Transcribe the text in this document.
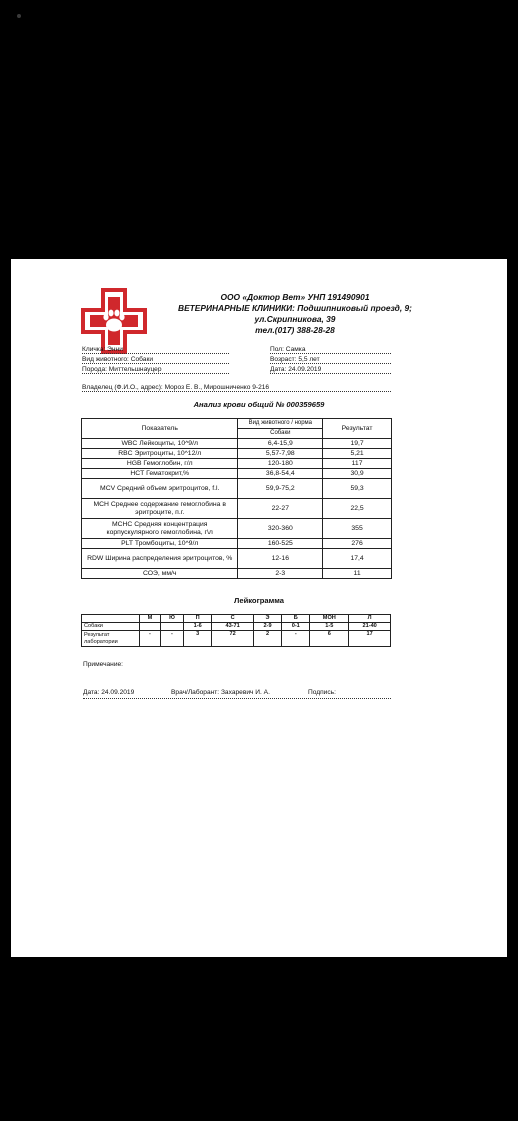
ООО «Доктор Вет» УНП 191490901
ВЕТЕРИНАРНЫЕ КЛИНИКИ: Подшипниковый проезд, 9;
ул.Скрипникова, 39
тел.(017) 388-28-28
Кличка: Энни
Вид животного: Собаки
Порода: Миттельшнауцер
Пол: Самка
Возраст: 5,5 лет
Дата: 24.09.2019
Владелец (Ф.И.О., адрес): Мороз Е. В., Мирошниченко 9-216
Анализ крови общий № 000359659
Показатель	Вид животного / норма	Результат
	Собаки	
WBC Лейкоциты, 10^9/л	6,4-15,9	19,7
RBC Эритроциты, 10^12/л	5,57-7,98	5,21
HGB Гемоглобин, г/л	120-180	117
HCT Гематокрит,%	36,8-54,4	30,9
MCV Средний объем эритроцитов, f.l.	59,9-75,2	59,3
MCH Среднее содержание гемоглобина в эритроците, п.г.	22-27	22,5
MCHC Средняя концентрация корпускулярного гемоглобина, г\л	320-360	355
PLT Тромбоциты, 10^9/л	160-525	276
RDW Ширина распределения эритроцитов, %	12-16	17,4
СОЭ, мм/ч	2-3	11
Лейкограмма
	М	Ю	П	С	Э	Б	МОН	Л
Собаки			1-6	43-71	2-9	0-1	1-5	21-40
Результат лаборатории	-	-	3	72	2	-	6	17
Примечание:
Дата: 24.09.2019	Врач/Лаборант: Захаревич И. А.	Подпись:
